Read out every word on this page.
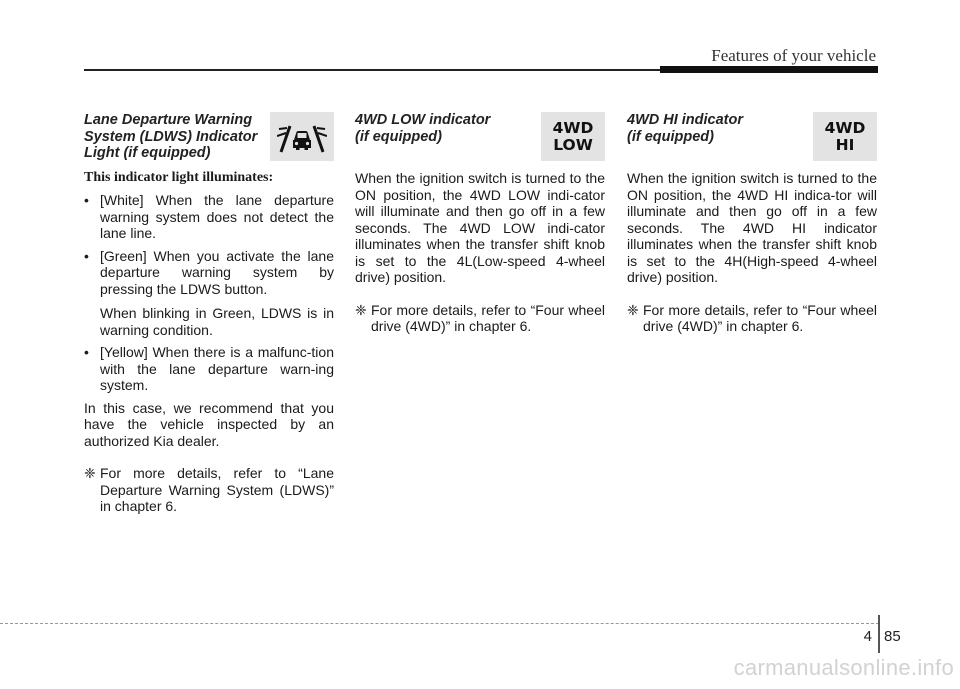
Features of your vehicle
Lane Departure Warning
System (LDWS) Indicator
Light (if equipped)

This indicator light illuminates:

• [White] When the lane departure warning system does not detect the lane line.
• [Green] When you activate the lane departure warning system by pressing the LDWS button.
When blinking in Green, LDWS is in warning condition.
• [Yellow] When there is a malfunc-tion with the lane departure warn-ing system.

In this case, we recommend that you have the vehicle inspected by an authorized Kia dealer.

❈ For more details, refer to “Lane Departure Warning System (LDWS)” in chapter 6.

4WD LOW indicator
(if equipped)	4WD
LOW

When the ignition switch is turned to the ON position, the 4WD LOW indi-cator will illuminate and then go off in a few seconds. The 4WD LOW indi-cator illuminates when the transfer shift knob is set to the 4L(Low-speed 4-wheel drive) position.

❈ For more details, refer to “Four wheel drive (4WD)” in chapter 6.

4WD HI indicator
(if equipped)	4WD
HI

When the ignition switch is turned to the ON position, the 4WD HI indica-tor will illuminate and then go off in a few seconds. The 4WD HI indicator illuminates when the transfer shift knob is set to the 4H(High-speed 4-wheel drive) position.

❈ For more details, refer to “Four wheel drive (4WD)” in chapter 6.

4 85
carmanualsonline.info
